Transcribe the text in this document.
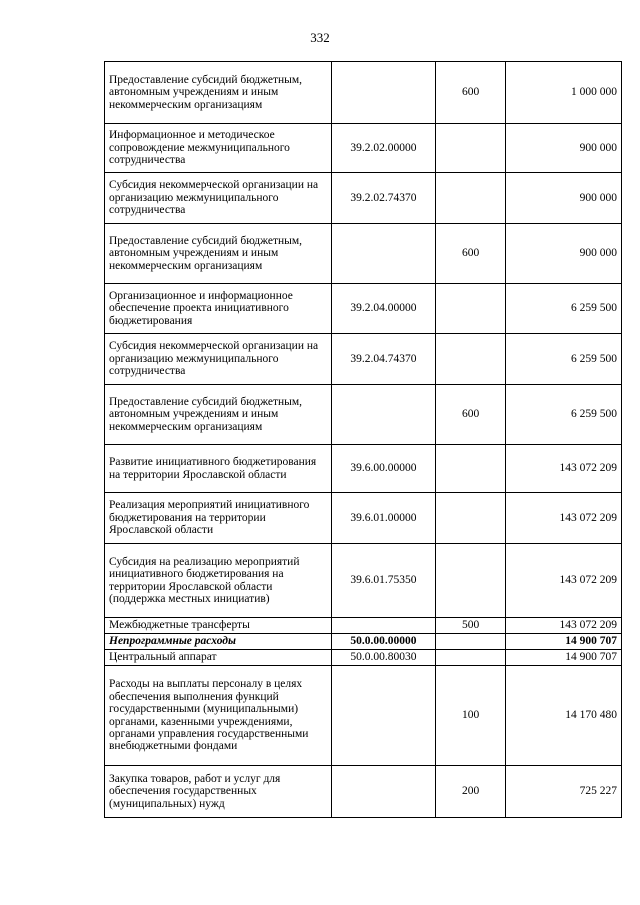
332
Предоставление субсидий бюджетным, автономным учреждениям и иным некоммерческим организациям		600	1 000 000
Информационное и методическое сопровождение межмуниципального сотрудничества	39.2.02.00000		900 000
Субсидия некоммерческой организации на организацию межмуниципального сотрудничества	39.2.02.74370		900 000
Предоставление субсидий бюджетным, автономным учреждениям и иным некоммерческим организациям		600	900 000
Организационное и информационное обеспечение проекта инициативного бюджетирования	39.2.04.00000		6 259 500
Субсидия некоммерческой организации на организацию межмуниципального сотрудничества	39.2.04.74370		6 259 500
Предоставление субсидий бюджетным, автономным учреждениям и иным некоммерческим организациям		600	6 259 500
Развитие инициативного бюджетирования на территории Ярославской области	39.6.00.00000		143 072 209
Реализация мероприятий инициативного бюджетирования на территории Ярославской области	39.6.01.00000		143 072 209
Субсидия на реализацию мероприятий инициативного бюджетирования на территории Ярославской области (поддержка местных инициатив)	39.6.01.75350		143 072 209
Межбюджетные трансферты		500	143 072 209
Непрограммные расходы	50.0.00.00000		14 900 707
Центральный аппарат	50.0.00.80030		14 900 707
Расходы на выплаты персоналу в целях обеспечения выполнения функций государственными (муниципальными) органами, казенными учреждениями, органами управления государственными внебюджетными фондами		100	14 170 480
Закупка товаров, работ и услуг для обеспечения государственных (муниципальных) нужд		200	725 227
